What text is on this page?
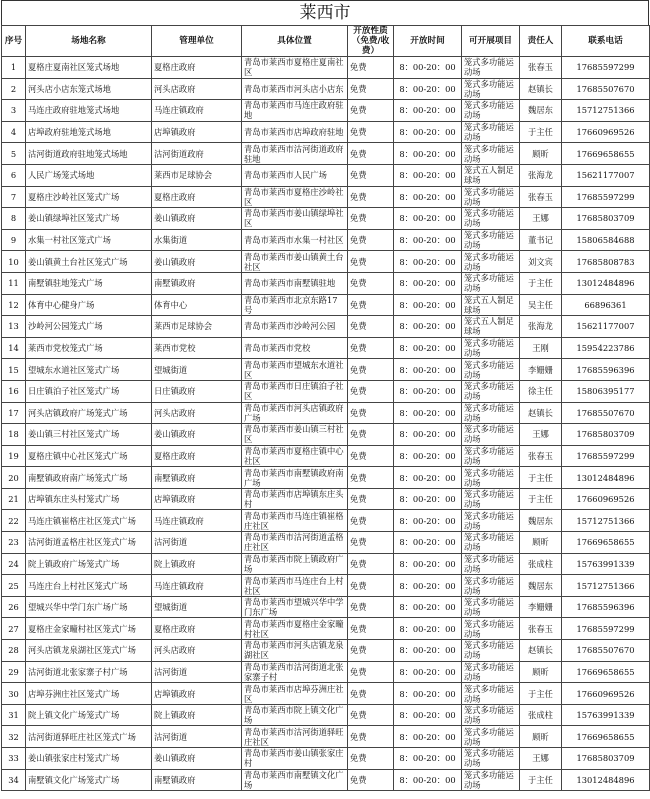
莱西市
序号	场地名称	管理单位	具体位置	开放性质（免费/收费）	开放时间	可开展项目	责任人	联系电话
1	夏格庄夏南社区笼式场地	夏格庄政府	青岛市莱西市夏格庄夏南社区	免费	8：00-20：00	笼式多功能运动场	张春玉	17685597299
2	河头店小店东笼式场地	河头店政府	青岛市莱西市河头店小店东	免费	8：00-20：00	笼式多功能运动场	赵镇长	17685507670
3	马连庄政府驻地笼式场地	马连庄镇政府	青岛市莱西市马连庄政府驻地	免费	8：00-20：00	笼式多功能运动场	魏居东	15712751366
4	店埠政府驻地笼式场地	店埠镇政府	青岛市莱西市店埠政府驻地	免费	8：00-20：00	笼式多功能运动场	于主任	17660969526
5	沽河街道政府驻地笼式场地	沽河街道政府	青岛市莱西市沽河街道政府驻地	免费	8：00-20：00	笼式多功能运动场	顾昕	17669658655
6	人民广场笼式场地	莱西市足球协会	青岛市莱西市人民广场	免费	8：00-20：00	笼式五人制足球场	张海龙	15621177007
7	夏格庄沙岭社区笼式广场	夏格庄政府	青岛市莱西市夏格庄沙岭社区	免费	8：00-20：00	笼式多功能运动场	张春玉	17685597299
8	姜山镇绿埠社区笼式广场	姜山镇政府	青岛市莱西市姜山镇绿埠社区	免费	8：00-20：00	笼式多功能运动场	王娜	17685803709
9	水集一村社区笼式广场	水集街道	青岛市莱西市水集一村社区	免费	8：00-20：00	笼式多功能运动场	董书记	15806584688
10	姜山镇黄土台社区笼式广场	姜山镇政府	青岛市莱西市姜山镇黄土台社区	免费	8：00-20：00	笼式多功能运动场	刘文宾	17685808783
11	南墅镇驻地笼式广场	南墅镇政府	青岛市莱西市南墅镇驻地	免费	8：00-20：00	笼式多功能运动场	于主任	13012484896
12	体育中心健身广场	体育中心	青岛市莱西市北京东路17号	免费	8：00-20：00	笼式五人制足球场	吴主任	66896361
13	沙岭河公园笼式广场	莱西市足球协会	青岛市莱西市沙岭河公园	免费	8：00-20：00	笼式五人制足球场	张海龙	15621177007
14	莱西市党校笼式广场	莱西市党校	青岛市莱西市党校	免费	8：00-20：00	笼式多功能运动场	王刚	15954223786
15	望城东水道社区笼式广场	望城街道	青岛市莱西市望城东水道社区	免费	8：00-20：00	笼式多功能运动场	李姗姗	17685596396
16	日庄镇泊子社区笼式广场	日庄镇政府	青岛市莱西市日庄镇泊子社区	免费	8：00-20：00	笼式多功能运动场	徐主任	15806395177
17	河头店镇政府广场笼式广场	河头店政府	青岛市莱西市河头店镇政府广场	免费	8：00-20：00	笼式多功能运动场	赵镇长	17685507670
18	姜山镇三村社区笼式广场	姜山镇政府	青岛市莱西市姜山镇三村社区	免费	8：00-20：00	笼式多功能运动场	王娜	17685803709
19	夏格庄镇中心社区笼式广场	夏格庄政府	青岛市莱西市夏格庄镇中心社区	免费	8：00-20：00	笼式多功能运动场	张春玉	17685597299
20	南墅镇政府南广场笼式广场	南墅镇政府	青岛市莱西市南墅镇政府南广场	免费	8：00-20：00	笼式多功能运动场	于主任	13012484896
21	店埠镇东庄头村笼式广场	店埠镇政府	青岛市莱西市店埠镇东庄头村	免费	8：00-20：00	笼式多功能运动场	于主任	17660969526
22	马连庄镇崔格庄社区笼式广场	马连庄镇政府	青岛市莱西市马连庄镇崔格庄社区	免费	8：00-20：00	笼式多功能运动场	魏居东	15712751366
23	沽河街道孟格庄社区笼式广场	沽河街道	青岛市莱西市沽河街道孟格庄社区	免费	8：00-20：00	笼式多功能运动场	顾昕	17669658655
24	院上镇政府广场笼式广场	院上镇政府	青岛市莱西市院上镇政府广场	免费	8：00-20：00	笼式多功能运动场	张成柱	15763991339
25	马连庄台上村社区笼式广场	马连庄镇政府	青岛市莱西市马连庄台上村社区	免费	8：00-20：00	笼式多功能运动场	魏居东	15712751366
26	望城兴华中学门东广场广场	望城街道	青岛市莱西市望城兴华中学门东广场	免费	8：00-20：00	笼式多功能运动场	李姗姗	17685596396
27	夏格庄金家疃村社区笼式广场	夏格庄政府	青岛市莱西市夏格庄金家疃村社区	免费	8：00-20：00	笼式多功能运动场	张春玉	17685597299
28	河头店镇龙泉湖社区笼式广场	河头店政府	青岛市莱西市河头店镇龙泉湖社区	免费	8：00-20：00	笼式多功能运动场	赵镇长	17685507670
29	沽河街道北张家寨子村广场	沽河街道	青岛市莱西市沽河街道北张家寨子村	免费	8：00-20：00	笼式多功能运动场	顾昕	17669658655
30	店埠芬洲庄社区笼式广场	店埠镇政府	青岛市莱西市店埠芬洲庄社区	免费	8：00-20：00	笼式多功能运动场	于主任	17660969526
31	院上镇文化广场笼式广场	院上镇政府	青岛市莱西市院上镇文化广场	免费	8：00-20：00	笼式多功能运动场	张成柱	15763991339
32	沽河街道驿旺庄社区笼式广场	沽河街道	青岛市莱西市沽河街道驿旺庄社区	免费	8：00-20：00	笼式多功能运动场	顾昕	17669658655
33	姜山镇张家庄村笼式广场	姜山镇政府	青岛市莱西市姜山镇张家庄村	免费	8：00-20：00	笼式多功能运动场	王娜	17685803709
34	南墅镇文化广场笼式广场	南墅镇政府	青岛市莱西市南墅镇文化广场	免费	8：00-20：00	笼式多功能运动场	于主任	13012484896
